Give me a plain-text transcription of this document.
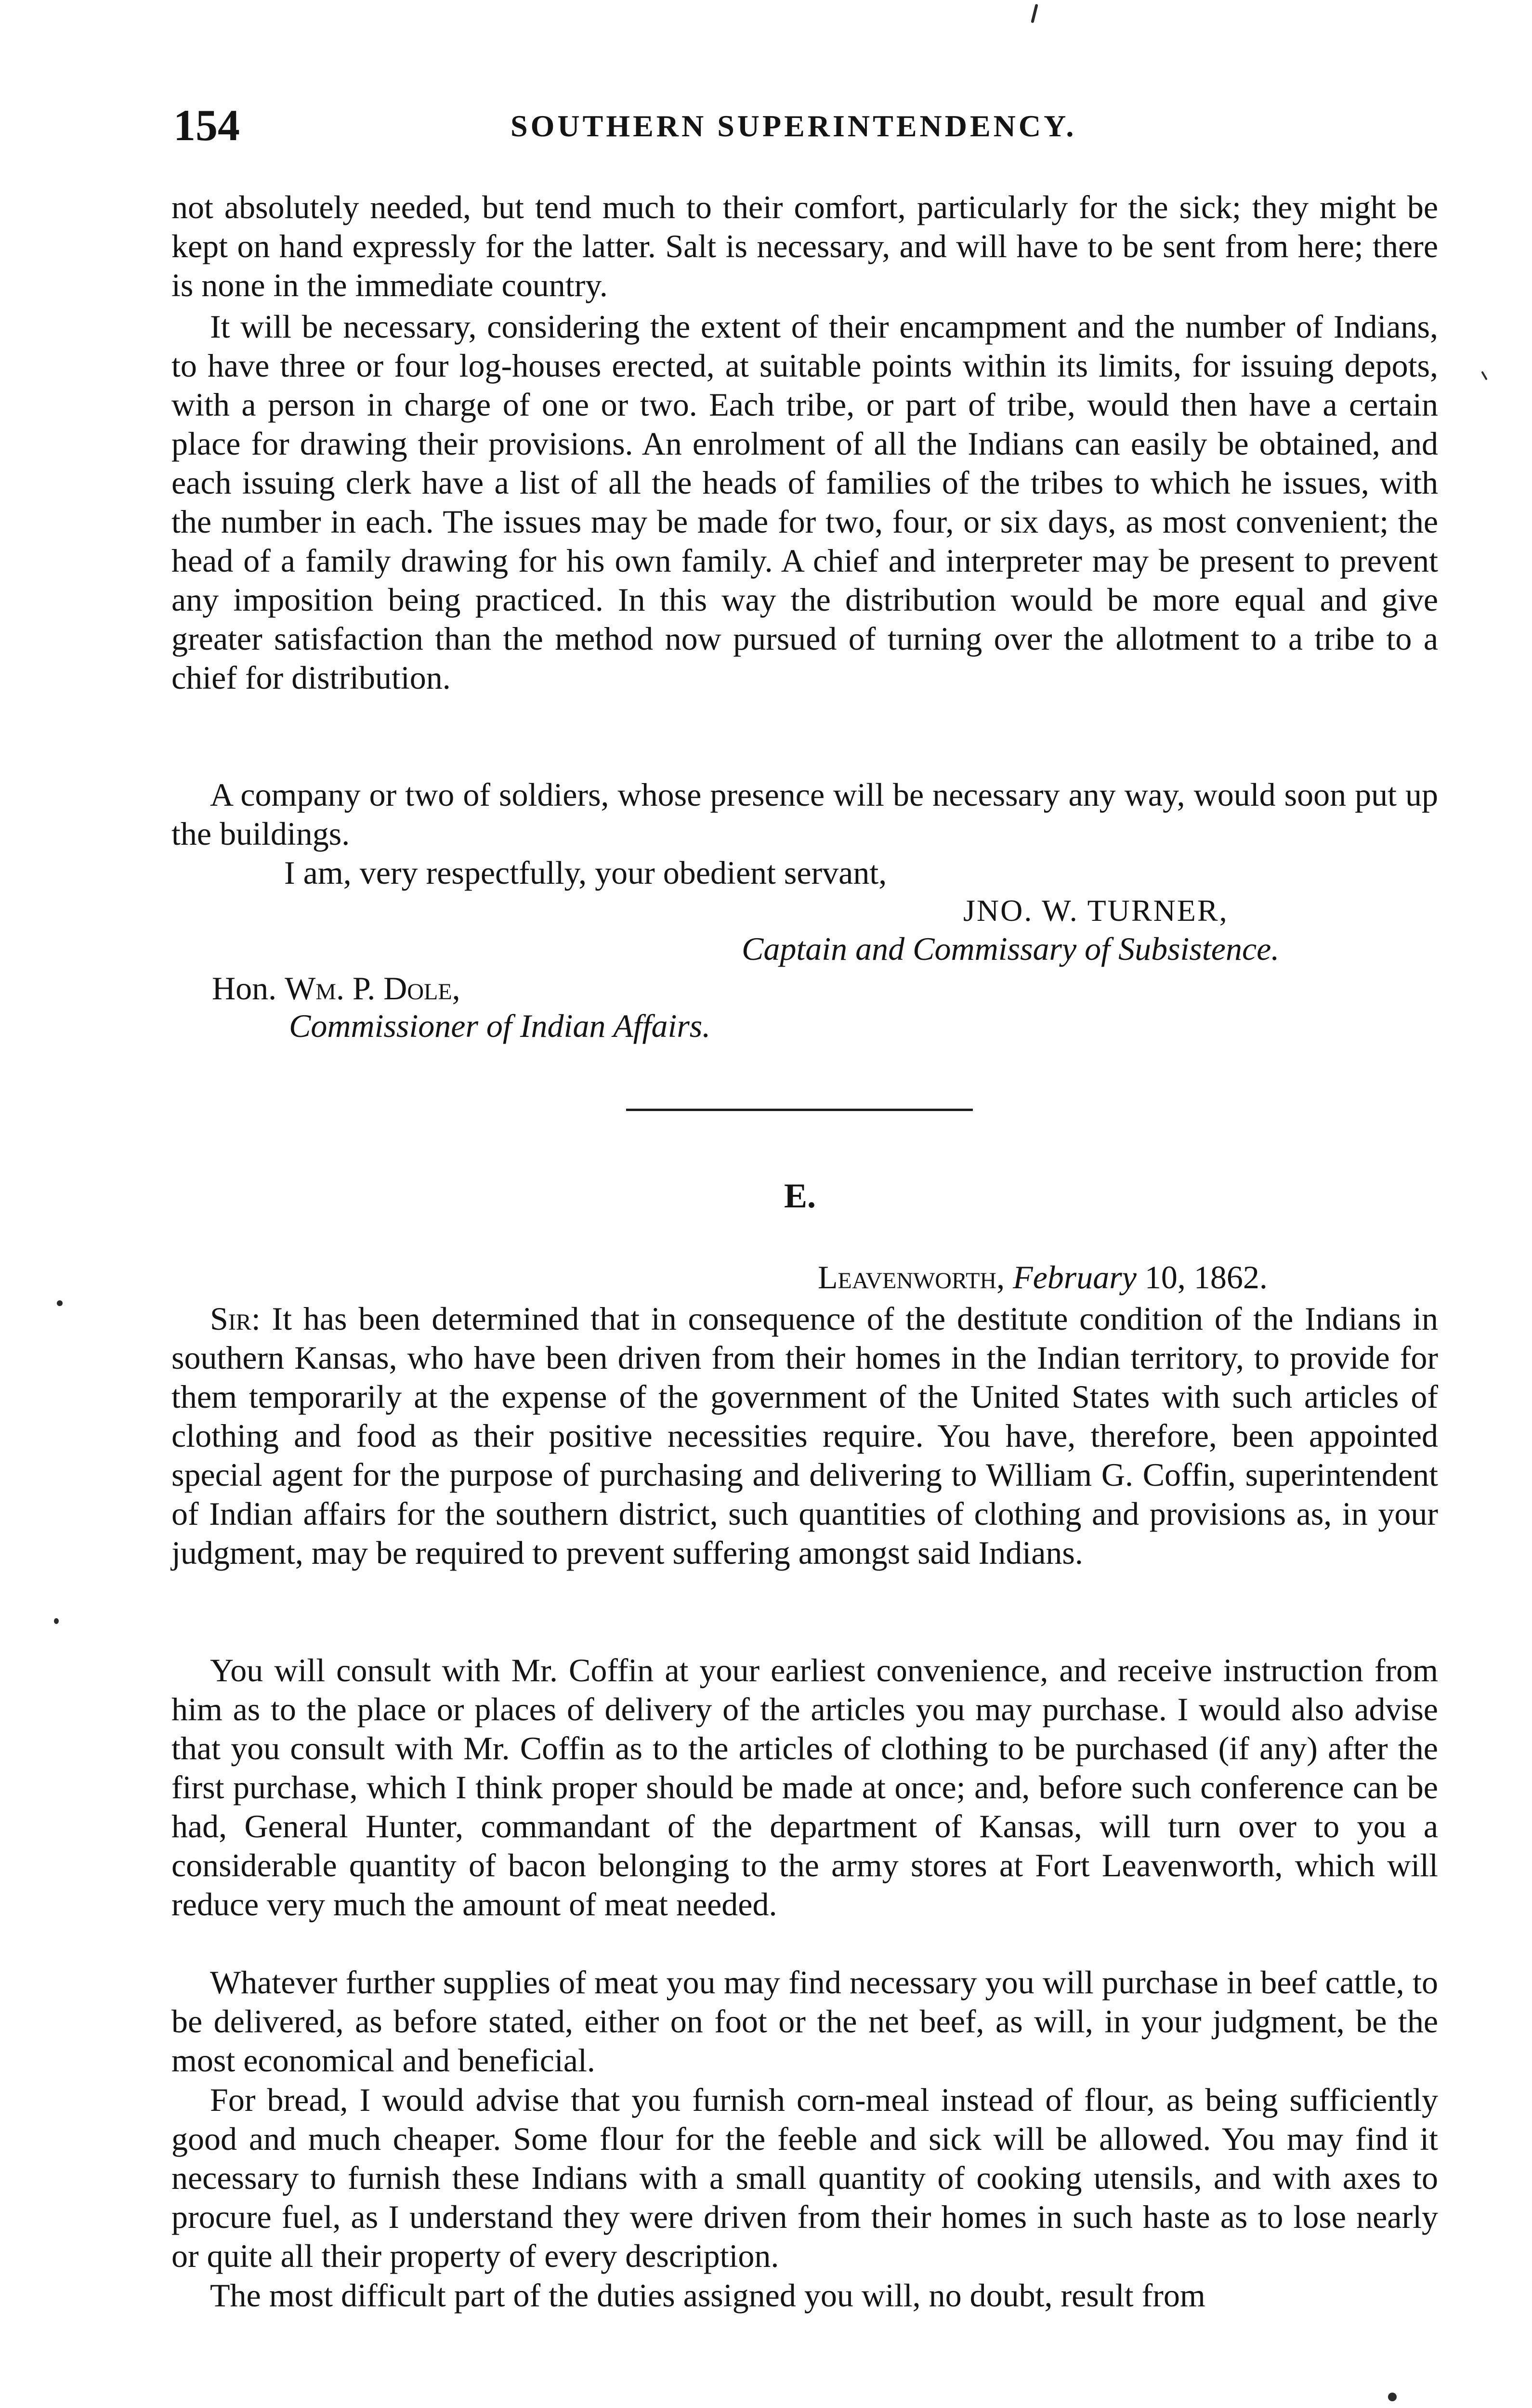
154	SOUTHERN SUPERINTENDENCY.

not absolutely needed, but tend much to their comfort, particularly for the sick; they might be kept on hand expressly for the latter. Salt is necessary, and will have to be sent from here; there is none in the immediate country.

It will be necessary, considering the extent of their encampment and the number of Indians, to have three or four log-houses erected, at suitable points within its limits, for issuing depots, with a person in charge of one or two. Each tribe, or part of tribe, would then have a certain place for drawing their provisions. An enrolment of all the Indians can easily be obtained, and each issuing clerk have a list of all the heads of families of the tribes to which he issues, with the number in each. The issues may be made for two, four, or six days, as most convenient; the head of a family drawing for his own family. A chief and interpreter may be present to prevent any imposition being practiced. In this way the distribution would be more equal and give greater satisfaction than the method now pursued of turning over the allotment to a tribe to a chief for distribution.

A company or two of soldiers, whose presence will be necessary any way, would soon put up the buildings.

I am, very respectfully, your obedient servant,
JNO. W. TURNER,
Captain and Commissary of Subsistence.
Hon. Wm. P. Dole,
Commissioner of Indian Affairs.
E.
Leavenworth, February 10, 1862.

Sir: It has been determined that in consequence of the destitute condition of the Indians in southern Kansas, who have been driven from their homes in the Indian territory, to provide for them temporarily at the expense of the government of the United States with such articles of clothing and food as their positive necessities require. You have, therefore, been appointed special agent for the purpose of purchasing and delivering to William G. Coffin, superintendent of Indian affairs for the southern district, such quantities of clothing and provisions as, in your judgment, may be required to prevent suffering amongst said Indians.

You will consult with Mr. Coffin at your earliest convenience, and receive instruction from him as to the place or places of delivery of the articles you may purchase. I would also advise that you consult with Mr. Coffin as to the articles of clothing to be purchased (if any) after the first purchase, which I think proper should be made at once; and, before such conference can be had, General Hunter, commandant of the department of Kansas, will turn over to you a considerable quantity of bacon belonging to the army stores at Fort Leavenworth, which will reduce very much the amount of meat needed.

Whatever further supplies of meat you may find necessary you will purchase in beef cattle, to be delivered, as before stated, either on foot or the net beef, as will, in your judgment, be the most economical and beneficial.

For bread, I would advise that you furnish corn-meal instead of flour, as being sufficiently good and much cheaper. Some flour for the feeble and sick will be allowed. You may find it necessary to furnish these Indians with a small quantity of cooking utensils, and with axes to procure fuel, as I understand they were driven from their homes in such haste as to lose nearly or quite all their property of every description.

The most difficult part of the duties assigned you will, no doubt, result from
